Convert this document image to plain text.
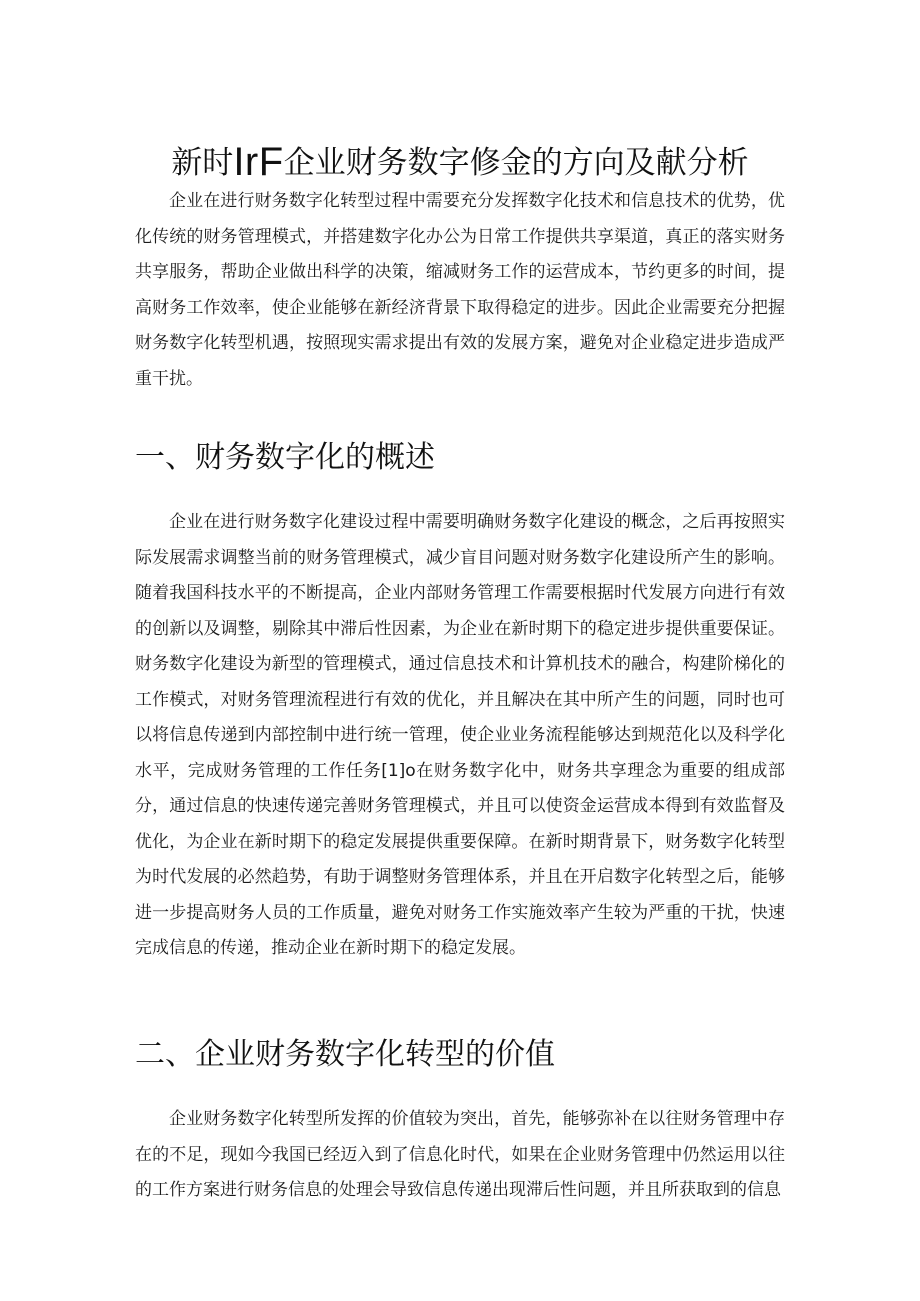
新时IrF企业财务数字修金的方向及献分析

企业在进行财务数字化转型过程中需要充分发挥数字化技术和信息技术的优势，优化传统的财务管理模式，并搭建数字化办公为日常工作提供共享渠道，真正的落实财务共享服务，帮助企业做出科学的决策，缩减财务工作的运营成本，节约更多的时间，提高财务工作效率，使企业能够在新经济背景下取得稳定的进步。因此企业需要充分把握财务数字化转型机遇，按照现实需求提出有效的发展方案，避免对企业稳定进步造成严重干扰。

一、财务数字化的概述

企业在进行财务数字化建设过程中需要明确财务数字化建设的概念，之后再按照实际发展需求调整当前的财务管理模式，减少盲目问题对财务数字化建设所产生的影响。随着我国科技水平的不断提高，企业内部财务管理工作需要根据时代发展方向进行有效的创新以及调整，剔除其中滞后性因素，为企业在新时期下的稳定进步提供重要保证。财务数字化建设为新型的管理模式，通过信息技术和计算机技术的融合，构建阶梯化的工作模式，对财务管理流程进行有效的优化，并且解决在其中所产生的问题，同时也可以将信息传递到内部控制中进行统一管理，使企业业务流程能够达到规范化以及科学化水平，完成财务管理的工作任务[1]o在财务数字化中，财务共享理念为重要的组成部分，通过信息的快速传递完善财务管理模式，并且可以使资金运营成本得到有效监督及优化，为企业在新时期下的稳定发展提供重要保障。在新时期背景下，财务数字化转型为时代发展的必然趋势，有助于调整财务管理体系，并且在开启数字化转型之后，能够进一步提高财务人员的工作质量，避免对财务工作实施效率产生较为严重的干扰，快速完成信息的传递，推动企业在新时期下的稳定发展。

二、企业财务数字化转型的价值

企业财务数字化转型所发挥的价值较为突出，首先，能够弥补在以往财务管理中存在的不足，现如今我国已经迈入到了信息化时代，如果在企业财务管理中仍然运用以往的工作方案进行财务信息的处理会导致信息传递出现滞后性问题，并且所获取到的信息
